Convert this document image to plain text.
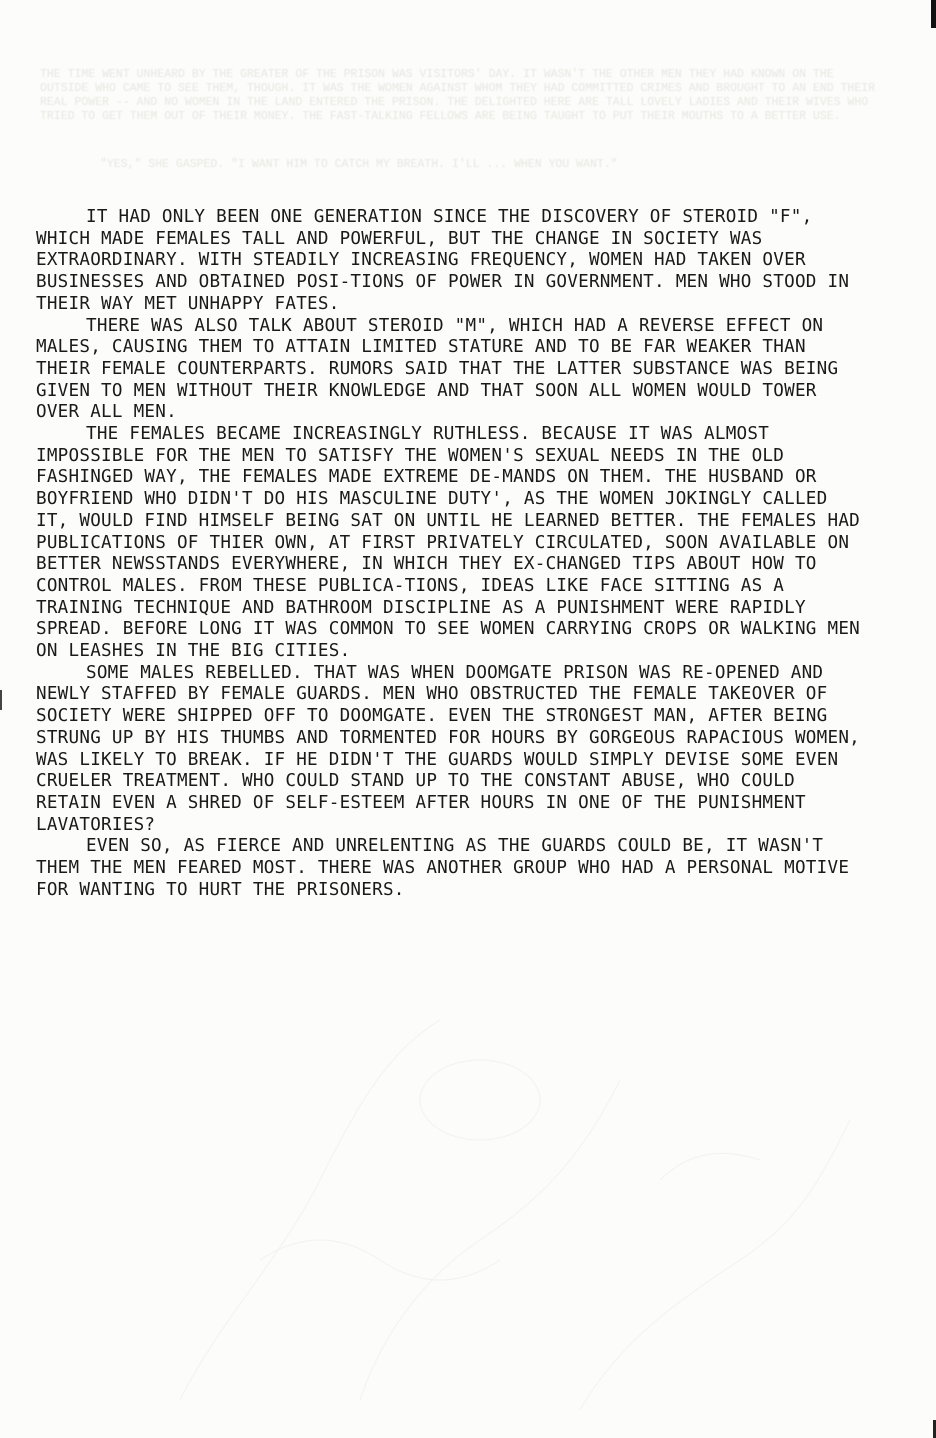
THE TIME WENT UNHEARD BY THE GREATER OF THE PRISON WAS VISITORS' DAY. IT WASN'T THE OTHER MEN THEY HAD KNOWN ON THE OUTSIDE WHO CAME TO SEE THEM, THOUGH. IT WAS THE WOMEN AGAINST WHOM THEY HAD COMMITTED CRIMES AND BROUGHT TO AN END THEIR REAL POWER -- AND NO WOMEN IN THE LAND ENTERED THE PRISON. THE DELIGHTED HERE ARE TALL LOVELY LADIES AND THEIR WIVES WHO TRIED TO GET THEM OUT OF THEIR MONEY. THE FAST-TALKING FELLOWS ARE BEING TAUGHT TO PUT THEIR MOUTHS TO A BETTER USE.

"YES," SHE GASPED. "I WANT HIM TO CATCH MY BREATH. I'LL ... WHEN YOU WANT."

IT HAD ONLY BEEN ONE GENERATION SINCE THE DISCOVERY OF STEROID "F", WHICH MADE FEMALES TALL AND POWERFUL, BUT THE CHANGE IN SOCIETY WAS EXTRAORDINARY. WITH STEADILY INCREASING FREQUENCY, WOMEN HAD TAKEN OVER BUSINESSES AND OBTAINED POSI-TIONS OF POWER IN GOVERNMENT. MEN WHO STOOD IN THEIR WAY MET UNHAPPY FATES.

THERE WAS ALSO TALK ABOUT STEROID "M", WHICH HAD A REVERSE EFFECT ON MALES, CAUSING THEM TO ATTAIN LIMITED STATURE AND TO BE FAR WEAKER THAN THEIR FEMALE COUNTERPARTS. RUMORS SAID THAT THE LATTER SUBSTANCE WAS BEING GIVEN TO MEN WITHOUT THEIR KNOWLEDGE AND THAT SOON ALL WOMEN WOULD TOWER OVER ALL MEN.

THE FEMALES BECAME INCREASINGLY RUTHLESS. BECAUSE IT WAS ALMOST IMPOSSIBLE FOR THE MEN TO SATISFY THE WOMEN'S SEXUAL NEEDS IN THE OLD FASHINGED WAY, THE FEMALES MADE EXTREME DE-MANDS ON THEM. THE HUSBAND OR BOYFRIEND WHO DIDN'T DO HIS MASCULINE DUTY', AS THE WOMEN JOKINGLY CALLED IT, WOULD FIND HIMSELF BEING SAT ON UNTIL HE LEARNED BETTER. THE FEMALES HAD PUBLICATIONS OF THIER OWN, AT FIRST PRIVATELY CIRCULATED, SOON AVAILABLE ON BETTER NEWSSTANDS EVERYWHERE, IN WHICH THEY EX-CHANGED TIPS ABOUT HOW TO CONTROL MALES. FROM THESE PUBLICA-TIONS, IDEAS LIKE FACE SITTING AS A TRAINING TECHNIQUE AND BATHROOM DISCIPLINE AS A PUNISHMENT WERE RAPIDLY SPREAD. BEFORE LONG IT WAS COMMON TO SEE WOMEN CARRYING CROPS OR WALKING MEN ON LEASHES IN THE BIG CITIES.

SOME MALES REBELLED. THAT WAS WHEN DOOMGATE PRISON WAS RE-OPENED AND NEWLY STAFFED BY FEMALE GUARDS. MEN WHO OBSTRUCTED THE FEMALE TAKEOVER OF SOCIETY WERE SHIPPED OFF TO DOOMGATE. EVEN THE STRONGEST MAN, AFTER BEING STRUNG UP BY HIS THUMBS AND TORMENTED FOR HOURS BY GORGEOUS RAPACIOUS WOMEN, WAS LIKELY TO BREAK. IF HE DIDN'T THE GUARDS WOULD SIMPLY DEVISE SOME EVEN CRUELER TREATMENT. WHO COULD STAND UP TO THE CONSTANT ABUSE, WHO COULD RETAIN EVEN A SHRED OF SELF-ESTEEM AFTER HOURS IN ONE OF THE PUNISHMENT LAVATORIES?

EVEN SO, AS FIERCE AND UNRELENTING AS THE GUARDS COULD BE, IT WASN'T THEM THE MEN FEARED MOST. THERE WAS ANOTHER GROUP WHO HAD A PERSONAL MOTIVE FOR WANTING TO HURT THE PRISONERS.
